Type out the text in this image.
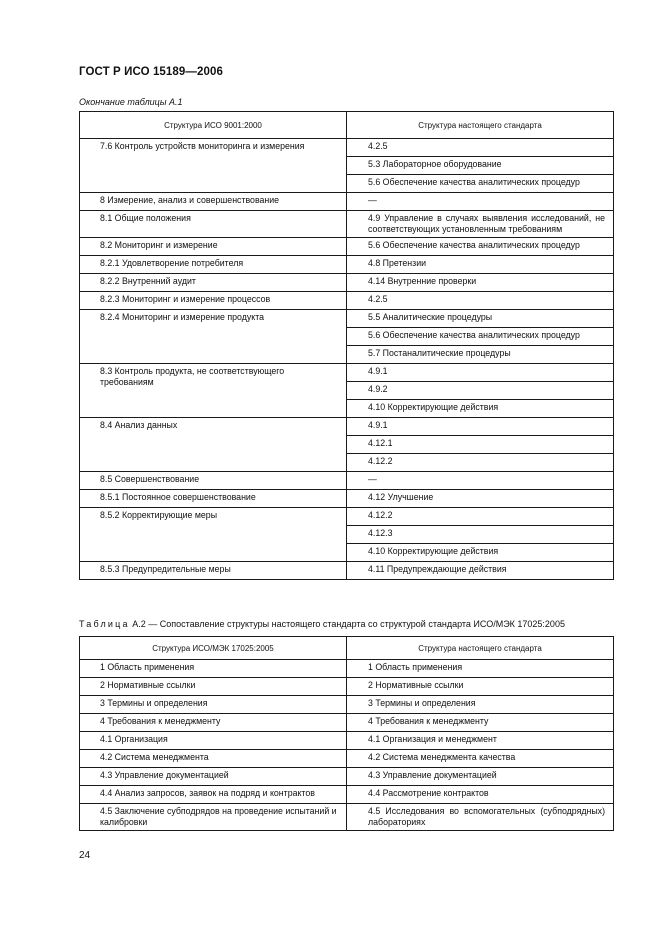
ГОСТ Р ИСО 15189—2006
Окончание таблицы А.1
Структура ИСО 9001:2000	Структура настоящего стандарта
7.6 Контроль устройств мониторинга и измерения	4.2.5
	5.3 Лабораторное оборудование
	5.6 Обеспечение качества аналитических процедур
8 Измерение, анализ и совершенствование	—
8.1 Общие положения	4.9 Управление в случаях выявления исследований, не соответствующих установленным требованиям
8.2 Мониторинг и измерение	5.6 Обеспечение качества аналитических процедур
8.2.1 Удовлетворение потребителя	4.8 Претензии
8.2.2 Внутренний аудит	4.14 Внутренние проверки
8.2.3 Мониторинг и измерение процессов	4.2.5
8.2.4 Мониторинг и измерение продукта	5.5 Аналитические процедуры
	5.6 Обеспечение качества аналитических процедур
	5.7 Постаналитические процедуры
8.3 Контроль продукта, не соответствующего требованиям	4.9.1
	4.9.2
	4.10 Корректирующие действия
8.4 Анализ данных	4.9.1
	4.12.1
	4.12.2
8.5 Совершенствование	—
8.5.1 Постоянное совершенствование	4.12 Улучшение
8.5.2 Корректирующие меры	4.12.2
	4.12.3
	4.10 Корректирующие действия
8.5.3 Предупредительные меры	4.11 Предупреждающие действия
Таблица А.2 — Сопоставление структуры настоящего стандарта со структурой стандарта ИСО/МЭК 17025:2005
Структура ИСО/МЭК 17025:2005	Структура настоящего стандарта
1 Область применения	1 Область применения
2 Нормативные ссылки	2 Нормативные ссылки
3 Термины и определения	3 Термины и определения
4 Требования к менеджменту	4 Требования к менеджменту
4.1 Организация	4.1 Организация и менеджмент
4.2 Система менеджмента	4.2 Система менеджмента качества
4.3 Управление документацией	4.3 Управление документацией
4.4 Анализ запросов, заявок на подряд и контрактов	4.4 Рассмотрение контрактов
4.5 Заключение субподрядов на проведение испытаний и калибровки	4.5 Исследования во вспомогательных (субподрядных) лабораториях
24
